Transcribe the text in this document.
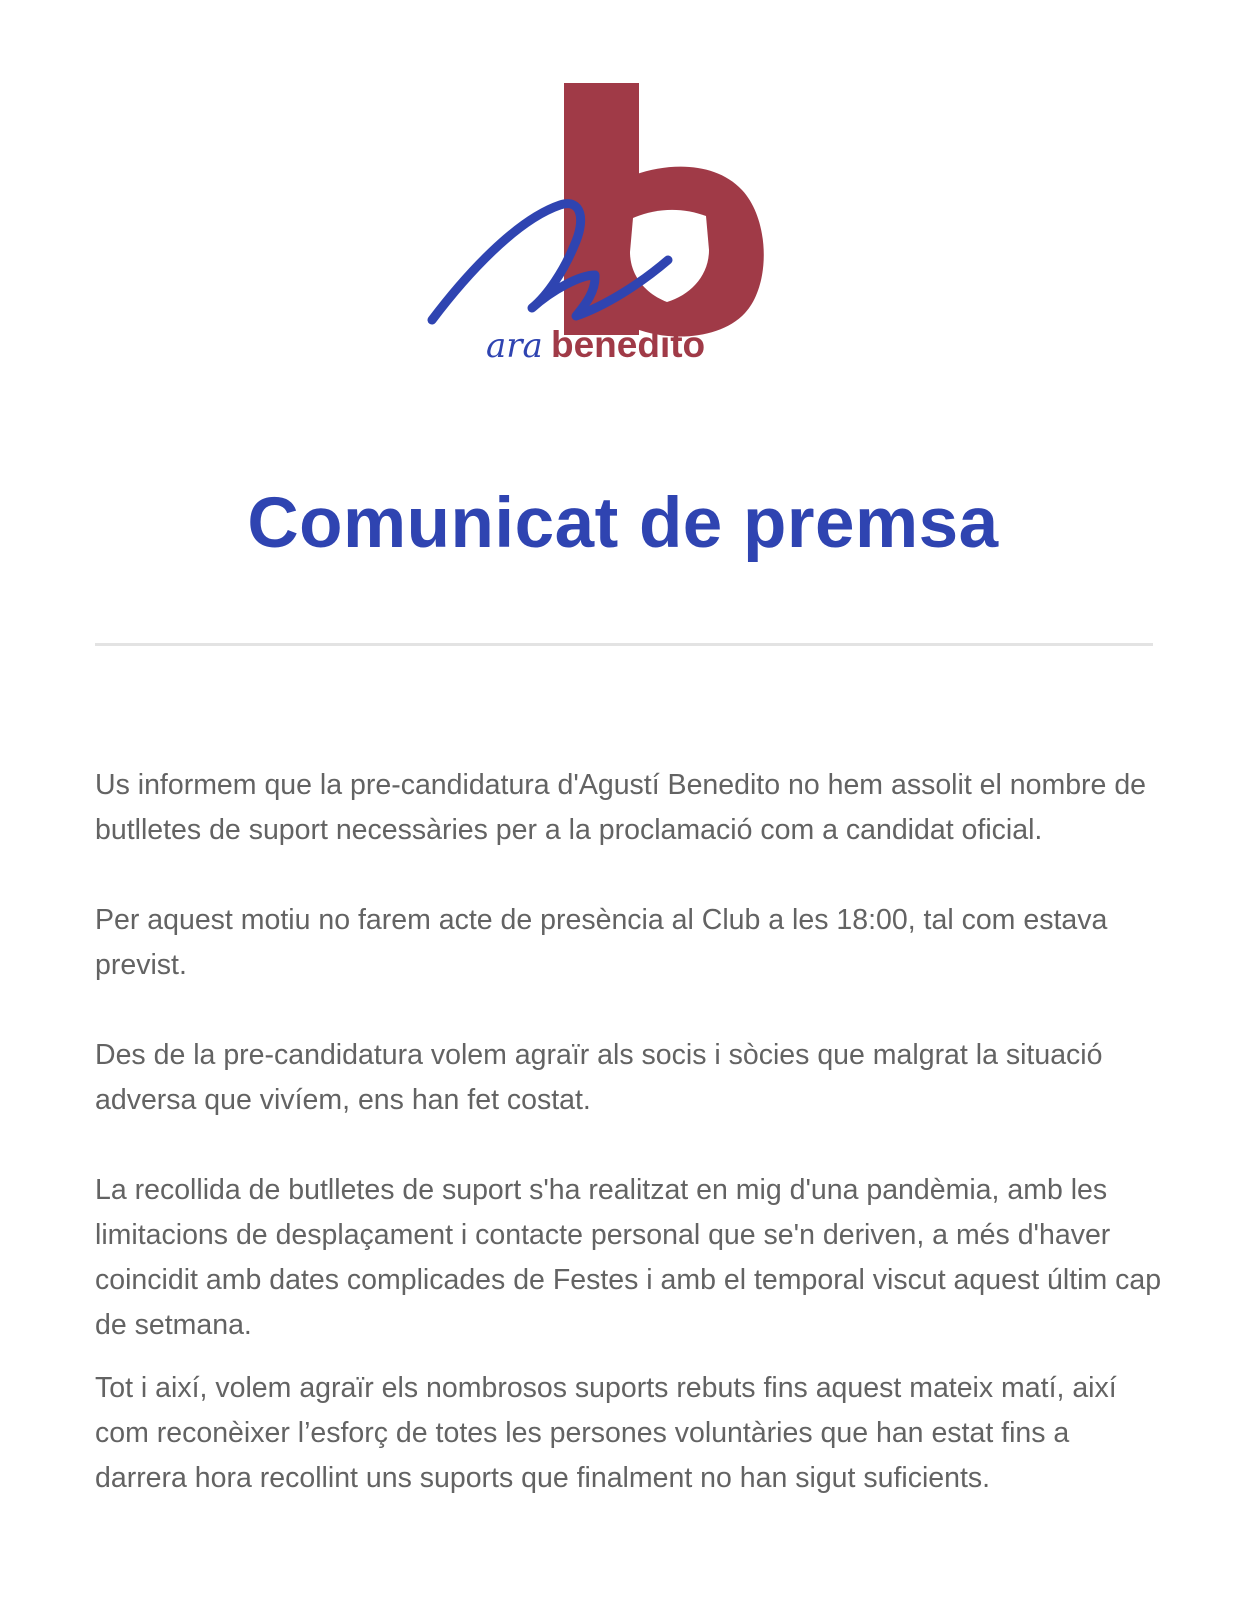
ara benedito
Comunicat de premsa

Us informem que la pre-candidatura d'Agustí Benedito no hem assolit el nombre de butlletes de suport necessàries per a la proclamació com a candidat oficial.

Per aquest motiu no farem acte de presència al Club a les 18:00, tal com estava previst.

Des de la pre-candidatura volem agraïr als socis i sòcies que malgrat la situació adversa que vivíem, ens han fet costat.

La recollida de butlletes de suport s'ha realitzat en mig d'una pandèmia, amb les limitacions de desplaçament i contacte personal que se'n deriven, a més d'haver coincidit amb dates complicades de Festes i amb el temporal viscut aquest últim cap de setmana.

Tot i així, volem agraïr els nombrosos suports rebuts fins aquest mateix matí, així com reconèixer l’esforç de totes les persones voluntàries que han estat fins a darrera hora recollint uns suports que finalment no han sigut suficients.
